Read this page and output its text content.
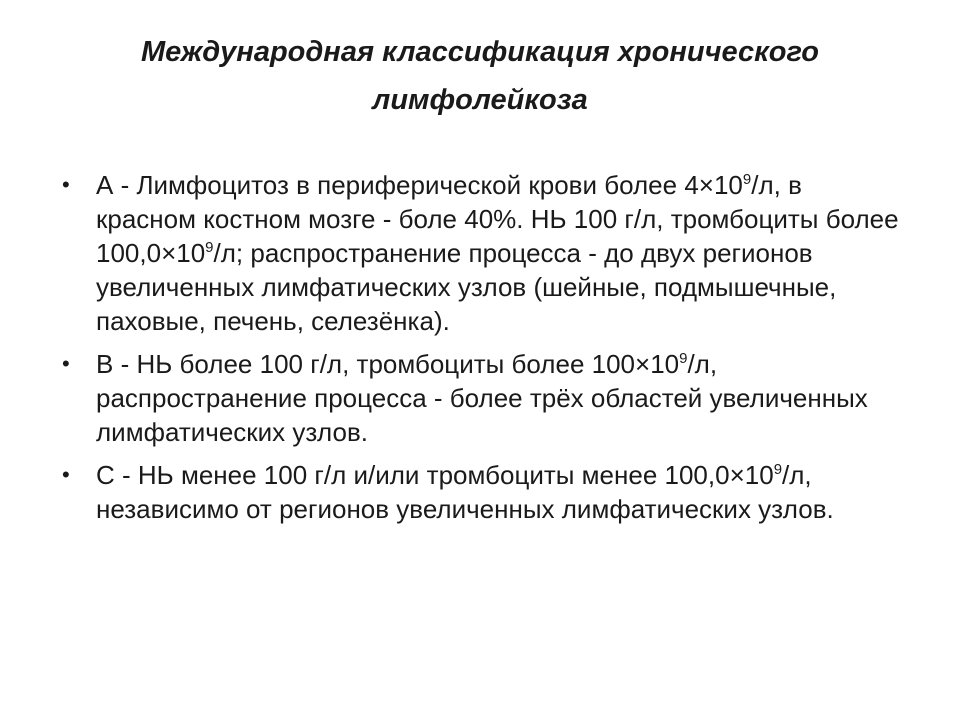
Международная классификация хронического лимфолейкоза
• А - Лимфоцитоз в периферической крови более $4\times 10^9/л$, в красном костном мозге - боле 40%. НЬ 100 г/л, тромбоциты более $100,0\times 10^9/л$; распространение процесса - до двух регионов увеличенных лимфатических узлов (шейные, подмышечные, паховые, печень, селезёнка).
• В - НЬ более 100 г/л, тромбоциты более $100\times 10^9/л$, распространение процесса - более трёх областей увеличенных лимфатических узлов.
• С - НЬ менее 100 г/л и/или тромбоциты менее $100,0\times 10^9/л$, независимо от регионов увеличенных лимфатических узлов.
